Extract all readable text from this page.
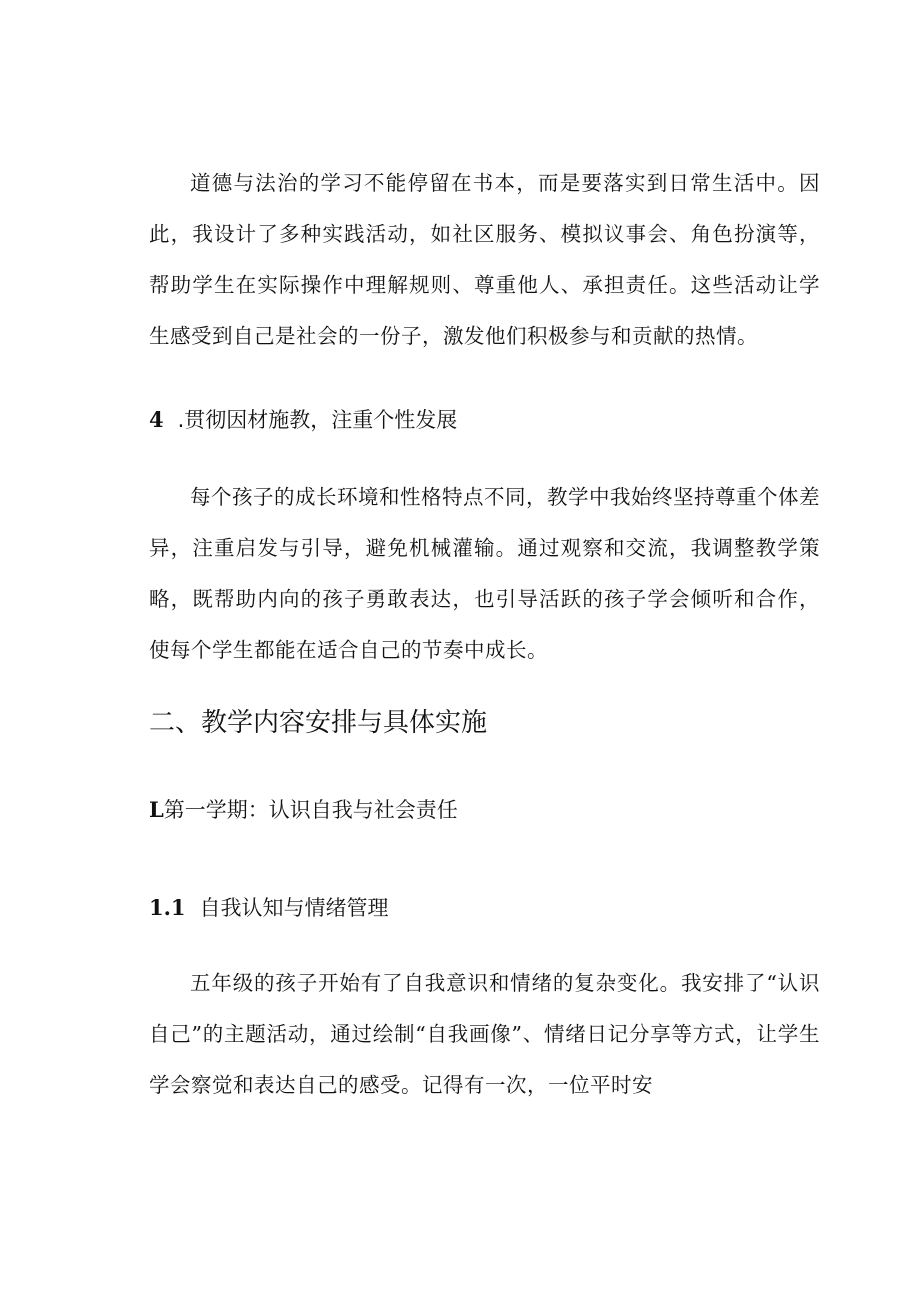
道德与法治的学习不能停留在书本，而是要落实到日常生活中。因此，我设计了多种实践活动，如社区服务、模拟议事会、角色扮演等，帮助学生在实际操作中理解规则、尊重他人、承担责任。这些活动让学生感受到自己是社会的一份子，激发他们积极参与和贡献的热情。

4 .贯彻因材施教，注重个性发展

每个孩子的成长环境和性格特点不同，教学中我始终坚持尊重个体差异，注重启发与引导，避免机械灌输。通过观察和交流，我调整教学策略，既帮助内向的孩子勇敢表达，也引导活跃的孩子学会倾听和合作，使每个学生都能在适合自己的节奏中成长。

二、教学内容安排与具体实施
L第一学期：认识自我与社会责任
1.1 自我认知与情绪管理

五年级的孩子开始有了自我意识和情绪的复杂变化。我安排了“认识自己”的主题活动，通过绘制“自我画像”、情绪日记分享等方式，让学生学会察觉和表达自己的感受。记得有一次，一位平时安
